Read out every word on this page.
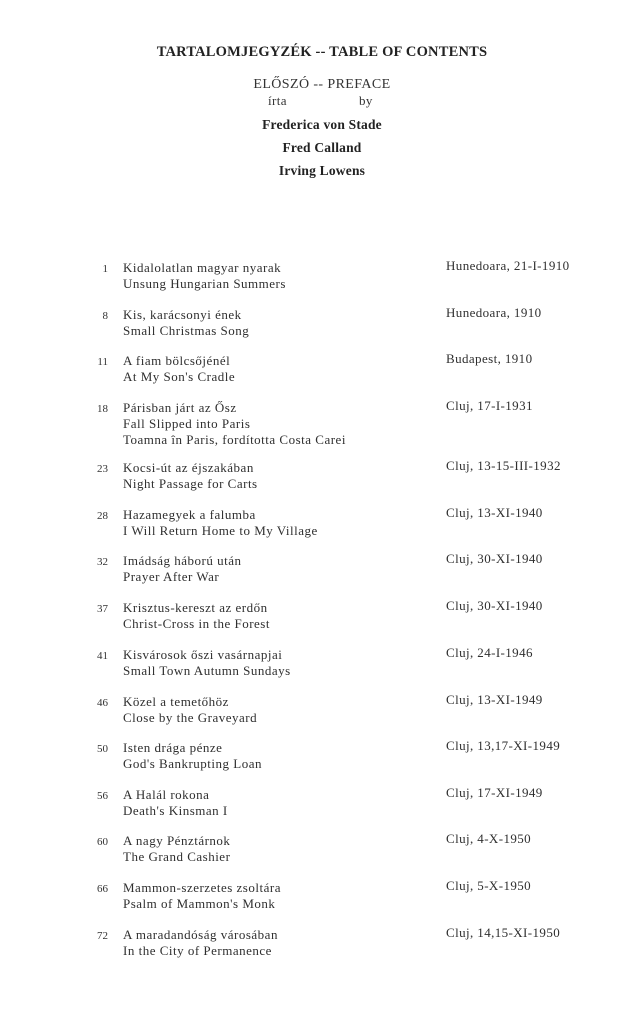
TARTALOMJEGYZÉK -- TABLE OF CONTENTS
ELŐSZÓ -- PREFACE
írta	by
Frederica von Stade
Fred Calland
Irving Lowens
1 Kidalolatlan magyar nyarak
Unsung Hungarian Summers
Hunedoara, 21-I-1910
8 Kis, karácsonyi ének
Small Christmas Song
Hunedoara, 1910
11 A fiam bölcsőjénél
At My Son's Cradle
Budapest, 1910
18 Párisban járt az Ősz
Fall Slipped into Paris
Toamna în Paris, fordította Costa Carei
Cluj, 17-I-1931
23 Kocsi-út az éjszakában
Night Passage for Carts
Cluj, 13-15-III-1932
28 Hazamegyek a falumba
I Will Return Home to My Village
Cluj, 13-XI-1940
32 Imádság háború után
Prayer After War
Cluj, 30-XI-1940
37 Krisztus-kereszt az erdőn
Christ-Cross in the Forest
Cluj, 30-XI-1940
41 Kisvárosok őszi vasárnapjai
Small Town Autumn Sundays
Cluj, 24-I-1946
46 Közel a temetőhöz
Close by the Graveyard
Cluj, 13-XI-1949
50 Isten drága pénze
God's Bankrupting Loan
Cluj, 13,17-XI-1949
56 A Halál rokona
Death's Kinsman I
Cluj, 17-XI-1949
60 A nagy Pénztárnok
The Grand Cashier
Cluj, 4-X-1950
66 Mammon-szerzetes zsoltára
Psalm of Mammon's Monk
Cluj, 5-X-1950
72 A maradandóság városában
In the City of Permanence
Cluj, 14,15-XI-1950
